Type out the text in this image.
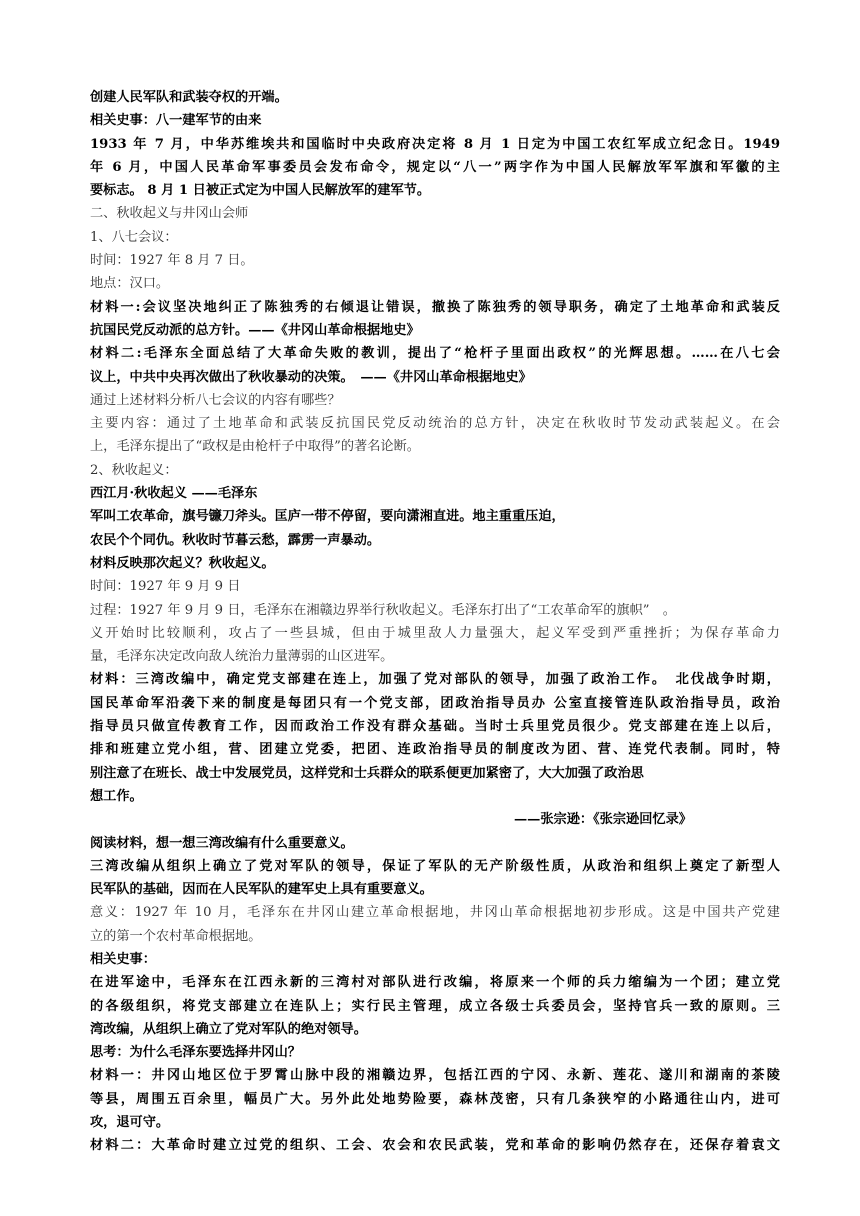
创建人民军队和武装夺权的开端。
相关史事：八一建军节的由来
1933 年 7 月，中华苏维埃共和国临时中央政府决定将 8 月 1 日定为中国工农红军成立纪念日。1949
年 6 月，中国人民革命军事委员会发布命令，规定以“八一”两字作为中国人民解放军军旗和军徽的主
要标志。 8 月 1 日被正式定为中国人民解放军的建军节。
二、秋收起义与井冈山会师
1、八七会议：
时间：1927 年 8 月 7 日。
地点：汉口。
材料一:会议坚决地纠正了陈独秀的右倾退让错误，撤换了陈独秀的领导职务，确定了土地革命和武装反
抗国民党反动派的总方针。——《井冈山革命根据地史》
材料二:毛泽东全面总结了大革命失败的教训，提出了“枪杆子里面出政权”的光辉思想。……在八七会
议上，中共中央再次做出了秋收暴动的决策。　——《井冈山革命根据地史》
通过上述材料分析八七会议的内容有哪些？
主要内容：通过了土地革命和武装反抗国民党反动统治的总方针，决定在秋收时节发动武装起义。在会
上，毛泽东提出了“政权是由枪杆子中取得”的著名论断。
2、秋收起义：
西江月·秋收起义 ——毛泽东
军叫工农革命，旗号镰刀斧头。匡庐一带不停留，要向潇湘直进。地主重重压迫，
农民个个同仇。秋收时节暮云愁，霹雳一声暴动。
材料反映那次起义？秋收起义。
时间：1927 年 9 月 9 日
过程：1927 年 9 月 9 日，毛泽东在湘赣边界举行秋收起义。毛泽东打出了“工农革命军的旗帜”　。
义开始时比较顺利，攻占了一些县城，但由于城里敌人力量强大，起义军受到严重挫折；为保存革命力
量，毛泽东决定改向敌人统治力量薄弱的山区进军。
材料：三湾改编中，确定党支部建在连上，加强了党对部队的领导，加强了政治工作。　北伐战争时期，
国民革命军沿袭下来的制度是每团只有一个党支部，团政治指导员办 公室直接管连队政治指导员，政治
指导员只做宣传教育工作，因而政治工作没有群众基础。当时士兵里党员很少。党支部建在连上以后，
排和班建立党小组，营、团建立党委，把团、连政治指导员的制度改为团、营、连党代表制。同时，特
别注意了在班长、战士中发展党员，这样党和士兵群众的联系便更加紧密了，大大加强了政治思
想工作。
——张宗逊：《张宗逊回忆录》
阅读材料，想一想三湾改编有什么重要意义。
三湾改编从组织上确立了党对军队的领导，保证了军队的无产阶级性质，从政治和组织上奠定了新型人
民军队的基础，因而在人民军队的建军史上具有重要意义。
意义：1927 年 10 月，毛泽东在井冈山建立革命根据地，井冈山革命根据地初步形成。这是中国共产党建
立的第一个农村革命根据地。
相关史事：
在进军途中，毛泽东在江西永新的三湾村对部队进行改编，将原来一个师的兵力缩编为一个团；建立党
的各级组织，将党支部建立在连队上；实行民主管理，成立各级士兵委员会，坚持官兵一致的原则。三
湾改编，从组织上确立了党对军队的绝对领导。
思考：为什么毛泽东要选择井冈山？
材料一：井冈山地区位于罗霄山脉中段的湘赣边界，包括江西的宁冈、永新、莲花、遂川和湖南的茶陵
等县，周围五百余里，幅员广大。另外此处地势险要，森林茂密，只有几条狭窄的小路通往山内，进可
攻，退可守。
材料二：大革命时建立过党的组织、工会、农会和农民武装，党和革命的影响仍然存在，还保存着袁文
